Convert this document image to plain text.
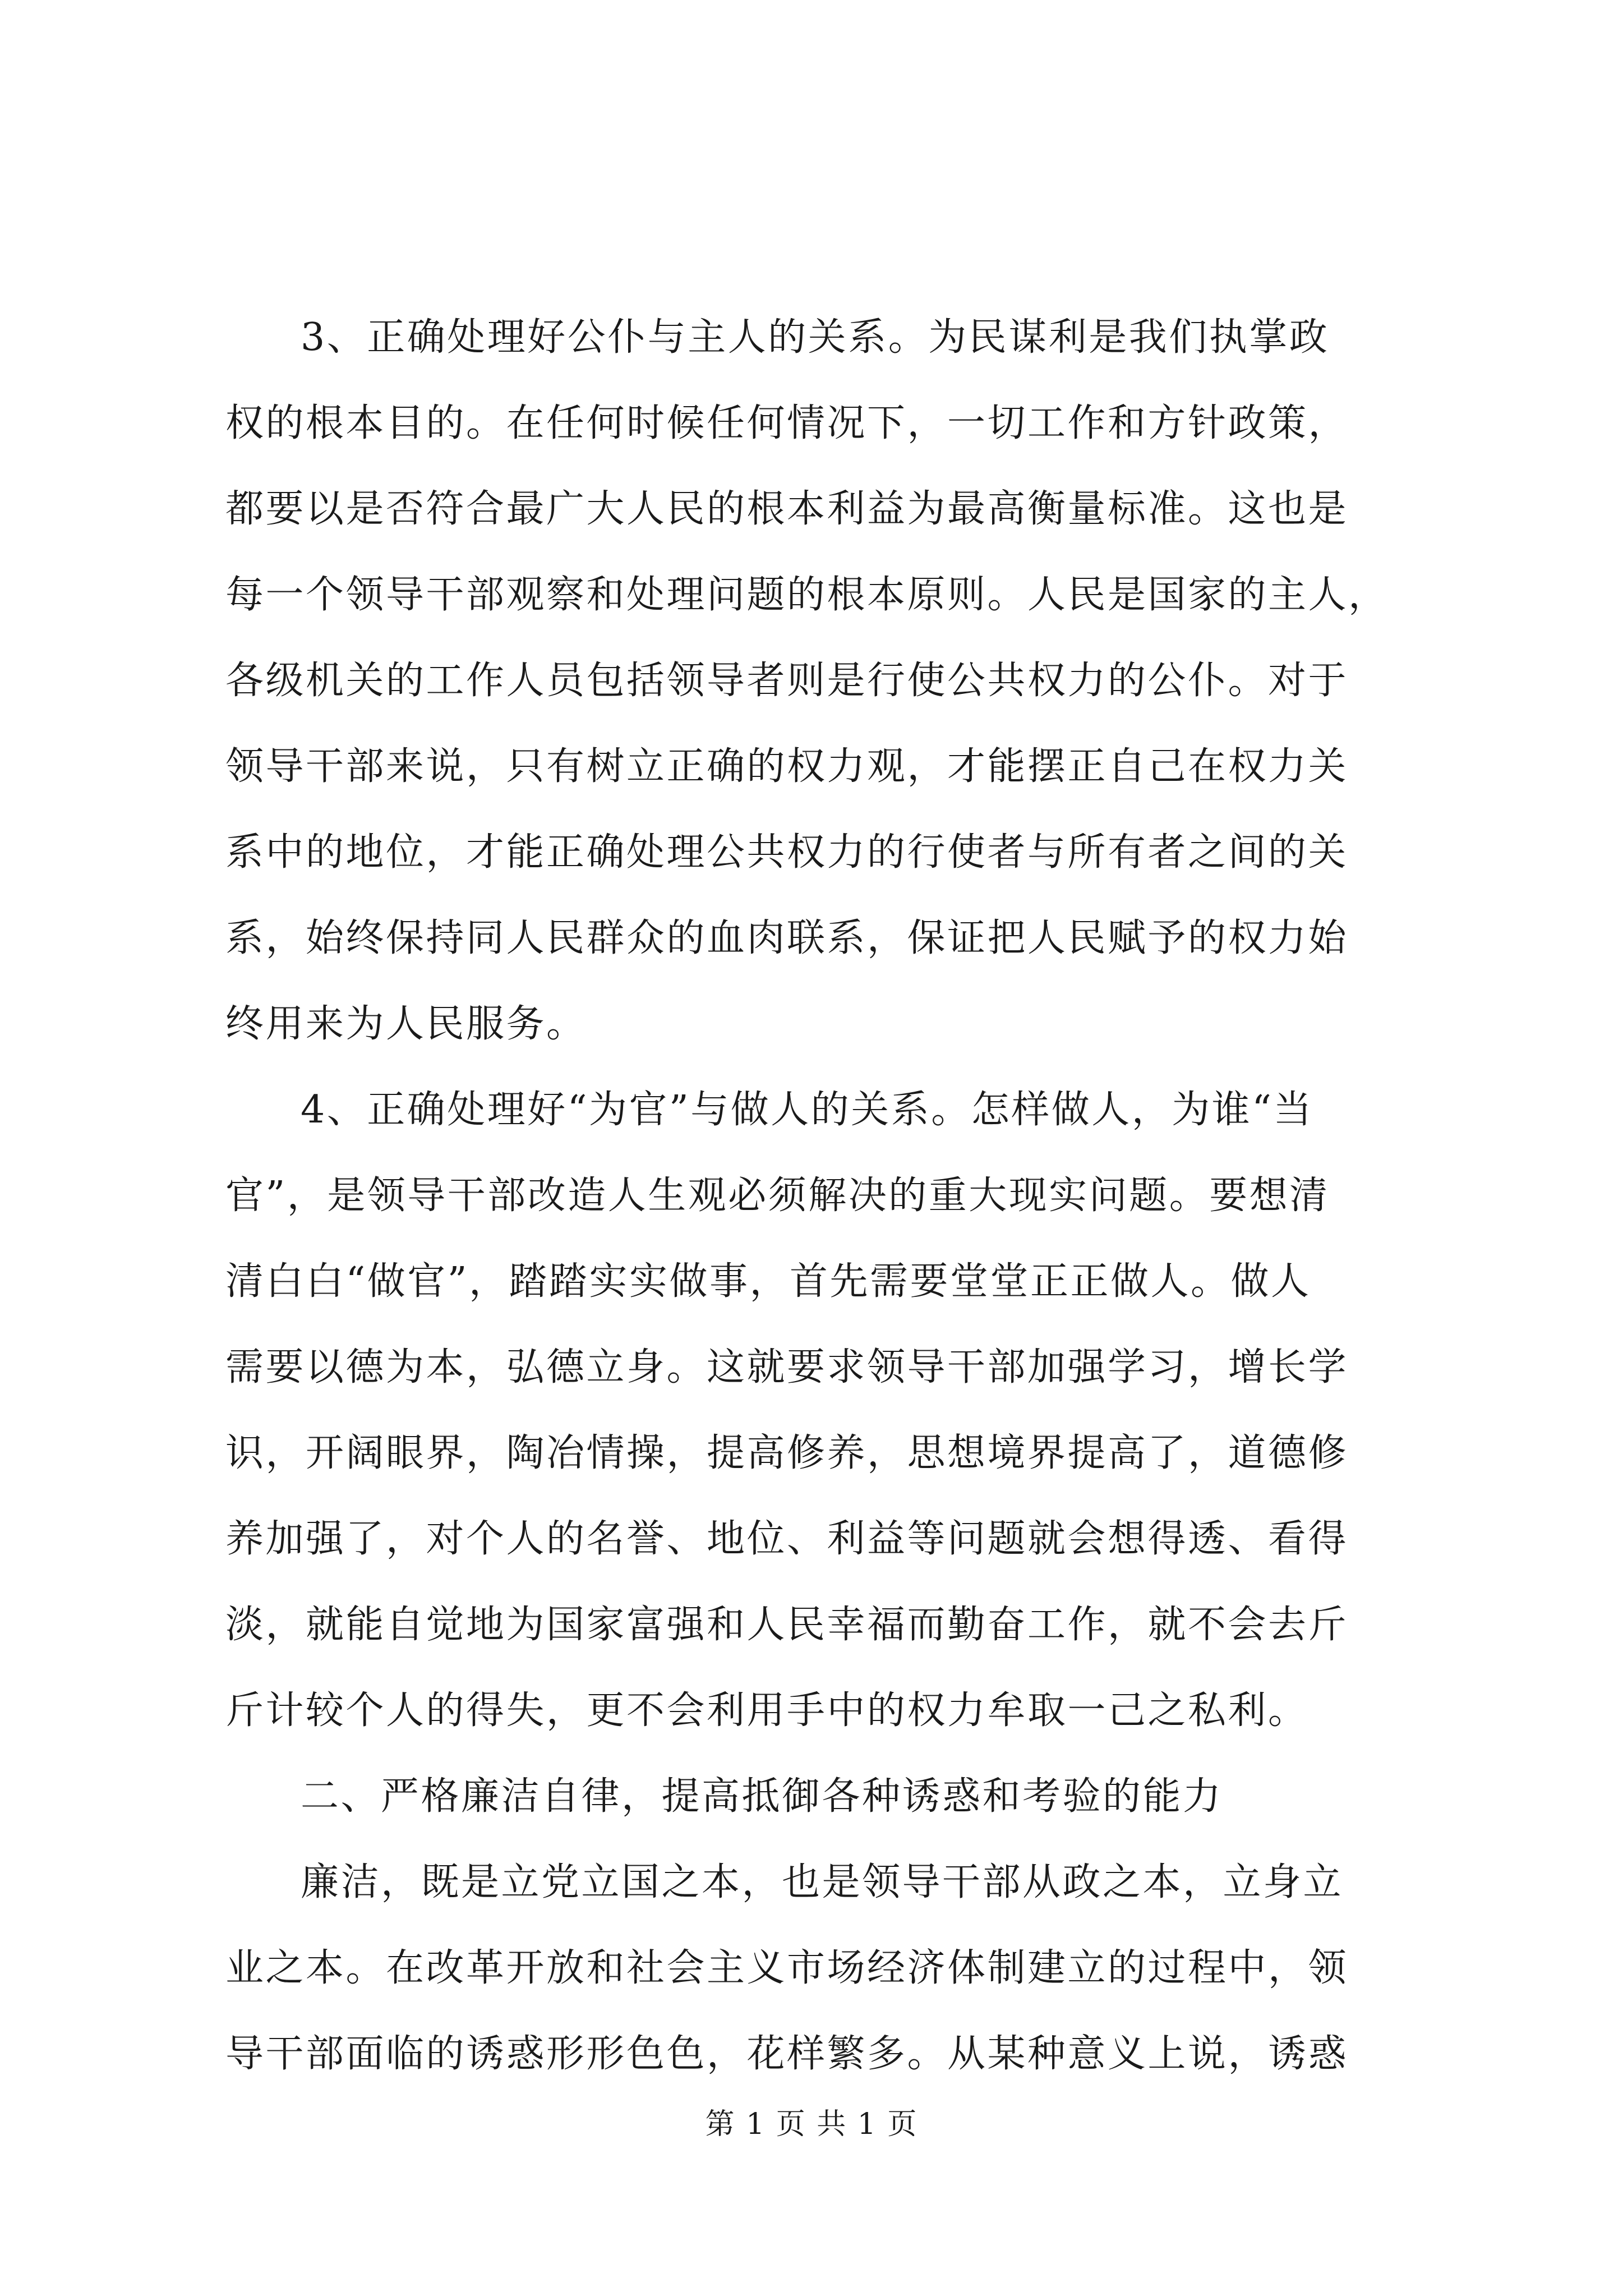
3、正确处理好公仆与主人的关系。为民谋利是我们执掌政
权的根本目的。在任何时候任何情况下，一切工作和方针政策，
都要以是否符合最广大人民的根本利益为最高衡量标准。这也是
每一个领导干部观察和处理问题的根本原则。人民是国家的主人，
各级机关的工作人员包括领导者则是行使公共权力的公仆。对于
领导干部来说，只有树立正确的权力观，才能摆正自己在权力关
系中的地位，才能正确处理公共权力的行使者与所有者之间的关
系，始终保持同人民群众的血肉联系，保证把人民赋予的权力始
终用来为人民服务。
4、正确处理好“为官”与做人的关系。怎样做人，为谁“当
官”，是领导干部改造人生观必须解决的重大现实问题。要想清
清白白“做官”，踏踏实实做事，首先需要堂堂正正做人。做人
需要以德为本，弘德立身。这就要求领导干部加强学习，增长学
识，开阔眼界，陶冶情操，提高修养，思想境界提高了，道德修
养加强了，对个人的名誉、地位、利益等问题就会想得透、看得
淡，就能自觉地为国家富强和人民幸福而勤奋工作，就不会去斤
斤计较个人的得失，更不会利用手中的权力牟取一己之私利。
二、严格廉洁自律，提高抵御各种诱惑和考验的能力
廉洁，既是立党立国之本，也是领导干部从政之本，立身立
业之本。在改革开放和社会主义市场经济体制建立的过程中，领
导干部面临的诱惑形形色色，花样繁多。从某种意义上说，诱惑
第 1 页 共 1 页
